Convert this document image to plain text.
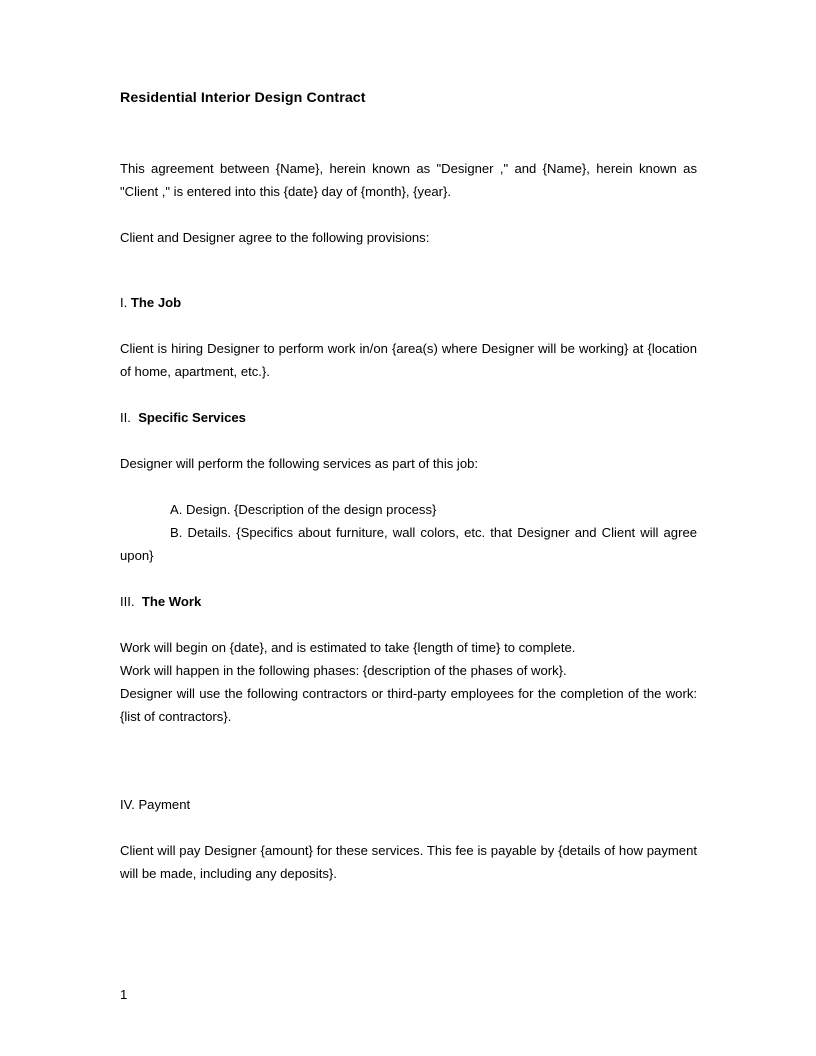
Residential Interior Design Contract

This agreement between {Name}, herein known as "Designer ," and {Name}, herein known as "Client ," is entered into this {date} day of {month}, {year}.

Client and Designer agree to the following provisions:

I. The Job

Client is hiring Designer to perform work in/on {area(s) where Designer will be working} at {location of home, apartment, etc.}.

II. Specific Services

Designer will perform the following services as part of this job:

A. Design. {Description of the design process}

B. Details. {Specifics about furniture, wall colors, etc. that Designer and Client will agree upon}

III. The Work

Work will begin on {date}, and is estimated to take {length of time} to complete.

Work will happen in the following phases: {description of the phases of work}.

Designer will use the following contractors or third-party employees for the completion of the work: {list of contractors}.

IV. Payment

Client will pay Designer {amount} for these services. This fee is payable by {details of how payment will be made, including any deposits}.

1
